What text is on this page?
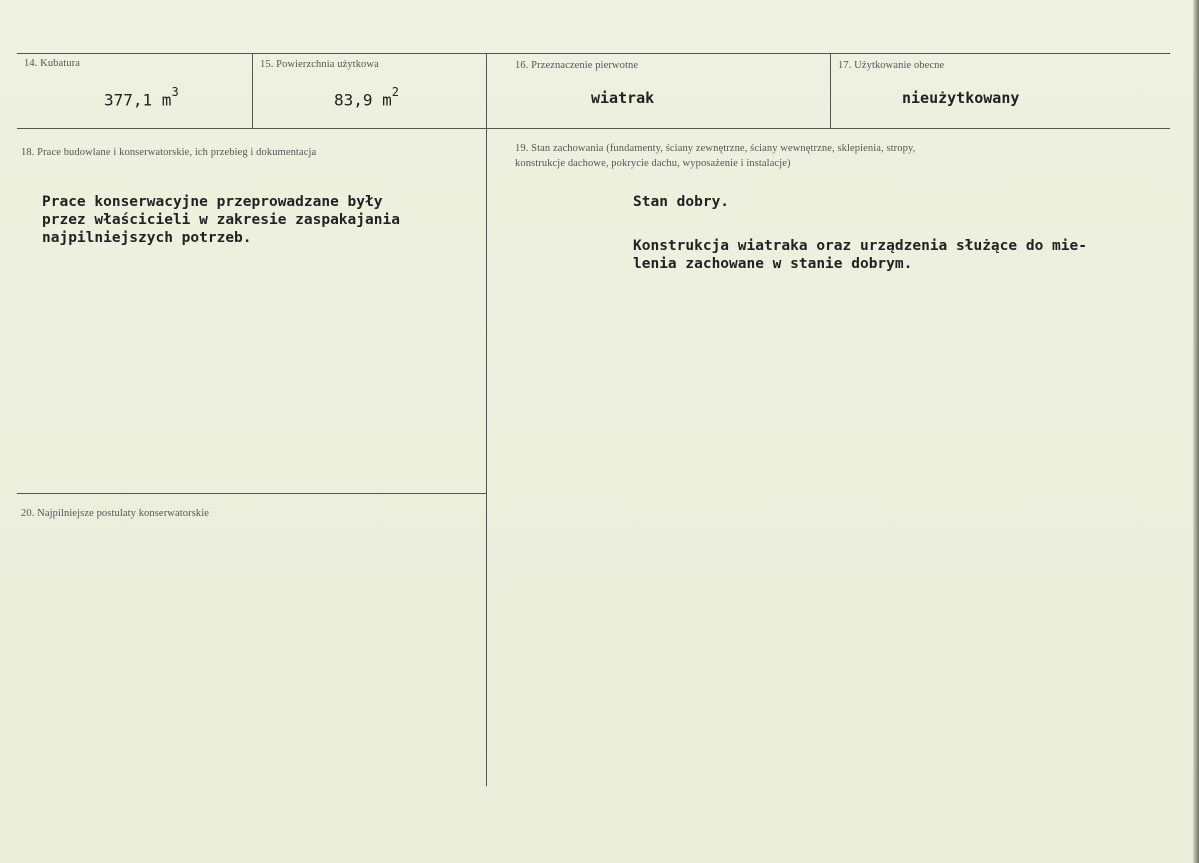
14. Kubatura
377,1 $m^3$
15. Powierzchnia użytkowa
83,9 $m^2$
16. Przeznaczenie pierwotne
wiatrak
17. Użytkowanie obecne
nieużytkowany
18. Prace budowlane i konserwatorskie, ich przebieg i dokumentacja
Prace konserwacyjne przeprowadzane były
przez właścicieli w zakresie zaspakajania
najpilniejszych potrzeb.
19. Stan zachowania (fundamenty, ściany zewnętrzne, ściany wewnętrzne, sklepienia, stropy,
konstrukcje dachowe, pokrycie dachu, wyposażenie i instalacje)
Stan dobry.
Konstrukcja wiatraka oraz urządzenia służące do mie-
lenia zachowane w stanie dobrym.
20. Najpilniejsze postulaty konserwatorskie
